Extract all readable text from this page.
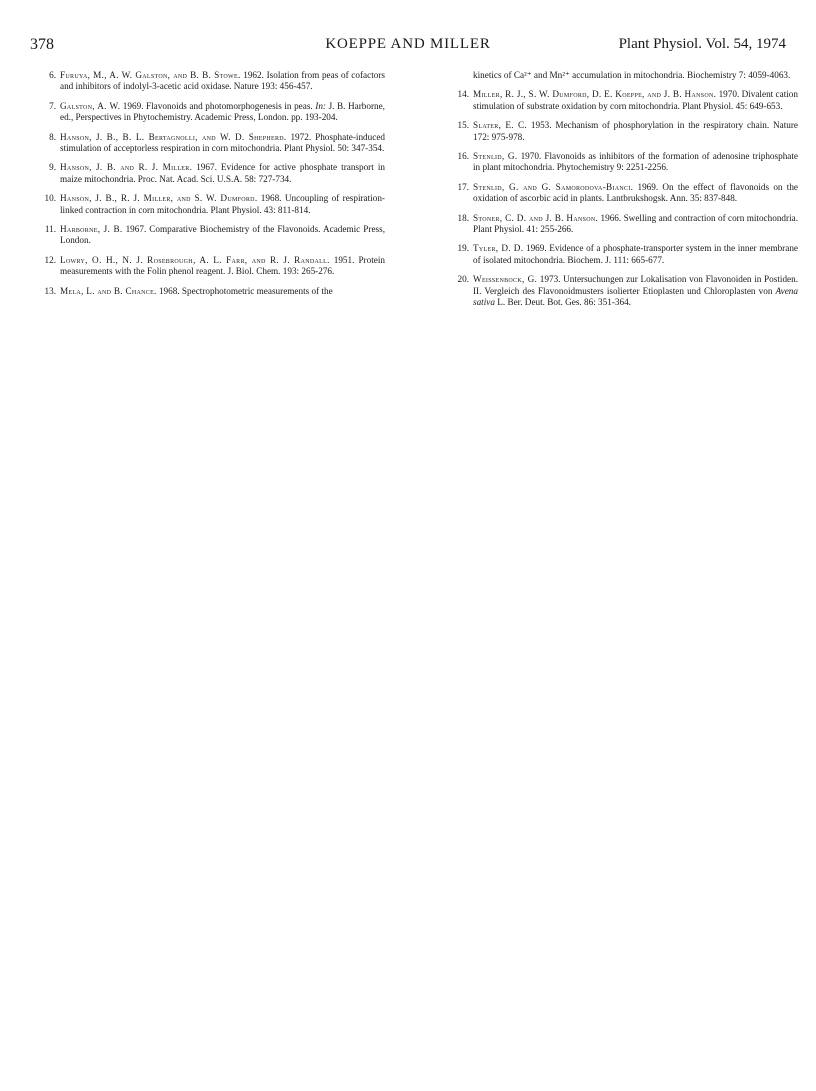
378	KOEPPE AND MILLER	Plant Physiol. Vol. 54, 1974
6. Furuya, M., A. W. Galston, and B. B. Stowe. 1962. Isolation from peas of cofactors and inhibitors of indolyl-3-acetic acid oxidase. Nature 193: 456-457.
7. Galston, A. W. 1969. Flavonoids and photomorphogenesis in peas. In: J. B. Harborne, ed., Perspectives in Phytochemistry. Academic Press, London. pp. 193-204.
8. Hanson, J. B., B. L. Bertagnolli, and W. D. Shepherd. 1972. Phosphate-induced stimulation of acceptorless respiration in corn mitochondria. Plant Physiol. 50: 347-354.
9. Hanson, J. B. and R. J. Miller. 1967. Evidence for active phosphate transport in maize mitochondria. Proc. Nat. Acad. Sci. U.S.A. 58: 727-734.
10. Hanson, J. B., R. J. Miller, and S. W. Dumford. 1968. Uncoupling of respiration-linked contraction in corn mitochondria. Plant Physiol. 43: 811-814.
11. Harborne, J. B. 1967. Comparative Biochemistry of the Flavonoids. Academic Press, London.
12. Lowry, O. H., N. J. Rosebrough, A. L. Farr, and R. J. Randall. 1951. Protein measurements with the Folin phenol reagent. J. Biol. Chem. 193: 265-276.
13. Mela, L. and B. Chance. 1968. Spectrophotometric measurements of the
kinetics of Ca²⁺ and Mn²⁺ accumulation in mitochondria. Biochemistry 7: 4059-4063.
14. Miller, R. J., S. W. Dumford, D. E. Koeppe, and J. B. Hanson. 1970. Divalent cation stimulation of substrate oxidation by corn mitochondria. Plant Physiol. 45: 649-653.
15. Slater, E. C. 1953. Mechanism of phosphorylation in the respiratory chain. Nature 172: 975-978.
16. Stenlid, G. 1970. Flavonoids as inhibitors of the formation of adenosine triphosphate in plant mitochondria. Phytochemistry 9: 2251-2256.
17. Stenlid, G. and G. Samorodova-Bianci. 1969. On the effect of flavonoids on the oxidation of ascorbic acid in plants. Lantbrukshogsk. Ann. 35: 837-848.
18. Stoner, C. D. and J. B. Hanson. 1966. Swelling and contraction of corn mitochondria. Plant Physiol. 41: 255-266.
19. Tyler, D. D. 1969. Evidence of a phosphate-transporter system in the inner membrane of isolated mitochondria. Biochem. J. 111: 665-677.
20. Weissenbock, G. 1973. Untersuchungen zur Lokalisation von Flavonoiden in Postiden. II. Vergleich des Flavonoidmusters isolierter Etioplasten und Chloroplasten von Avena sativa L. Ber. Deut. Bot. Ges. 86: 351-364.
